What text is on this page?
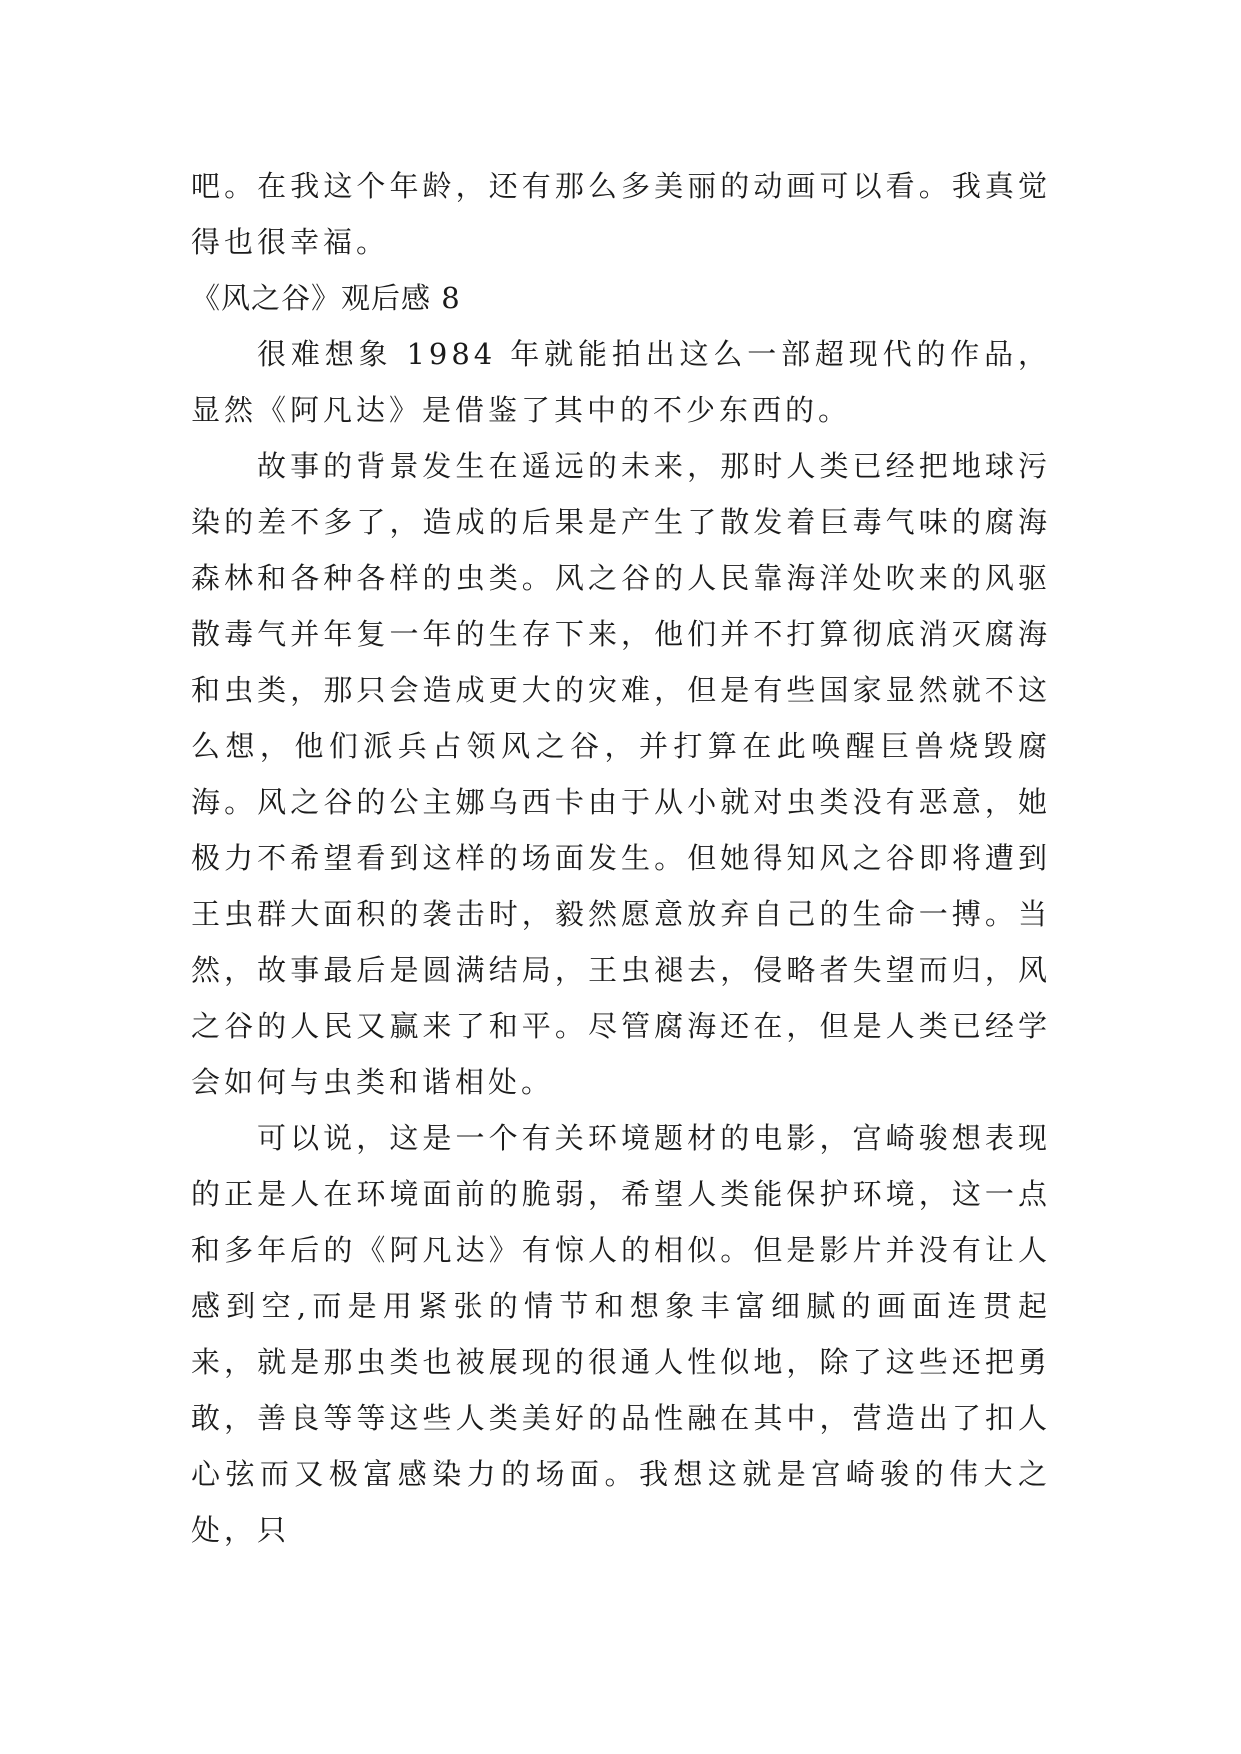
吧。在我这个年龄，还有那么多美丽的动画可以看。我真觉得也很幸福。

《风之谷》观后感 8

很难想象 1984 年就能拍出这么一部超现代的作品，显然《阿凡达》是借鉴了其中的不少东西的。

故事的背景发生在遥远的未来，那时人类已经把地球污染的差不多了，造成的后果是产生了散发着巨毒气味的腐海森林和各种各样的虫类。风之谷的人民靠海洋处吹来的风驱散毒气并年复一年的生存下来，他们并不打算彻底消灭腐海和虫类，那只会造成更大的灾难，但是有些国家显然就不这么想，他们派兵占领风之谷，并打算在此唤醒巨兽烧毁腐海。风之谷的公主娜乌西卡由于从小就对虫类没有恶意，她极力不希望看到这样的场面发生。但她得知风之谷即将遭到王虫群大面积的袭击时，毅然愿意放弃自己的生命一搏。当然，故事最后是圆满结局，王虫褪去，侵略者失望而归，风之谷的人民又赢来了和平。尽管腐海还在，但是人类已经学会如何与虫类和谐相处。

可以说，这是一个有关环境题材的电影，宫崎骏想表现的正是人在环境面前的脆弱，希望人类能保护环境，这一点和多年后的《阿凡达》有惊人的相似。但是影片并没有让人感到空,而是用紧张的情节和想象丰富细腻的画面连贯起来，就是那虫类也被展现的很通人性似地，除了这些还把勇敢，善良等等这些人类美好的品性融在其中，营造出了扣人心弦而又极富感染力的场面。我想这就是宫崎骏的伟大之处，只
